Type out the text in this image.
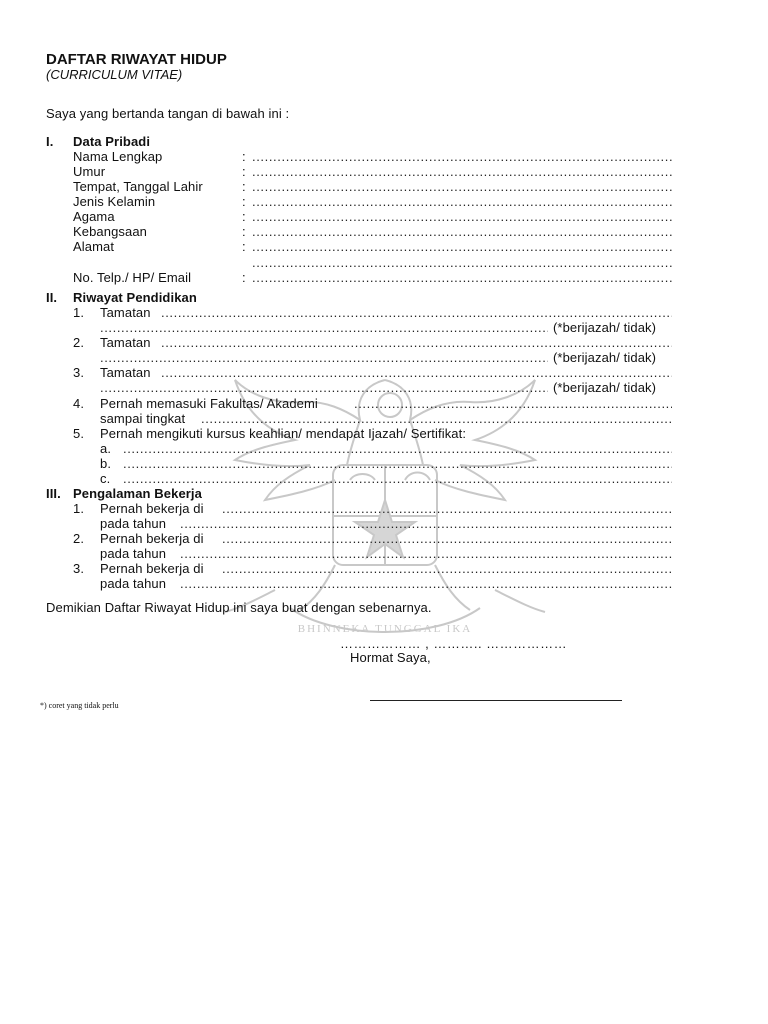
BHINNEKA TUNGGAL IKA
DAFTAR RIWAYAT HIDUP
(CURRICULUM VITAE)
Saya yang bertanda tangan di bawah ini :
I. Data Pribadi
Nama Lengkap	:
.....
Umur	:
.....
Tempat, Tanggal Lahir	:
.....
Jenis Kelamin	:
.....
Agama	:
.....
Kebangsaan	:
.....
Alamat	:
.....
.....
No. Telp./ HP/ Email	:
.....
II. Riwayat Pendidikan
1. Tamatan
.....
.....
(*berijazah/ tidak)
2. Tamatan
.....
.....
(*berijazah/ tidak)
3. Tamatan
.....
.....
(*berijazah/ tidak)
4. Pernah memasuki Fakultas/ Akademi
.....
sampai tingkat
.....
5. Pernah mengikuti kursus keahlian/ mendapat Ijazah/ Sertifikat:
a.
.....
b.
.....
c.
.....
III. Pengalaman Bekerja
1. Pernah bekerja di
.....
pada tahun
.....
2. Pernah bekerja di
.....
pada tahun
.....
3. Pernah bekerja di
.....
pada tahun
.....
Demikian Daftar Riwayat Hidup ini saya buat dengan sebenarnya.
……………… , ……….. ………………
Hormat Saya,
*) coret yang tidak perlu
